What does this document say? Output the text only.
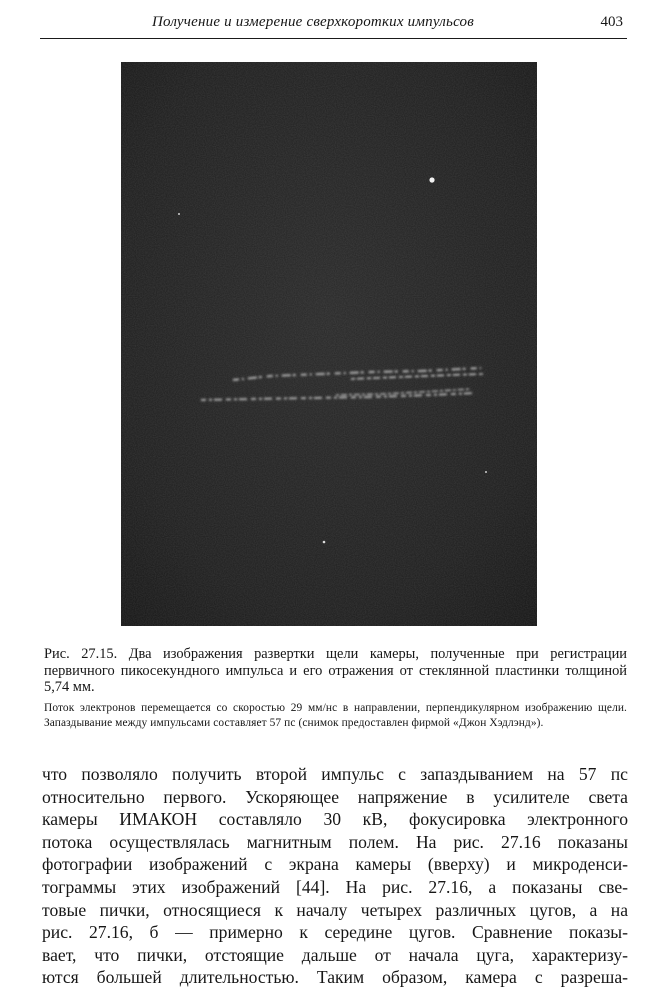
Получение и измерение сверхкоротких импульсов	403

Рис. 27.15. Два изображения развертки щели камеры, полученные при регистрации первичного пикосекундного импульса и его отражения от стеклянной пластинки толщиной 5,74 мм.

Поток электронов перемещается со скоростью 29 мм/нс в направлении, перпендикулярном изображению щели. Запаздывание между импульсами составляет 57 пс (снимок предоставлен фирмой «Джон Хэдлэнд»).

что позволяло получить второй импульс с запаздыванием на 57 пс
относительно первого. Ускоряющее напряжение в усилителе света
камеры ИМАКОН составляло 30 кВ, фокусировка электронного
потока осуществлялась магнитным полем. На рис. 27.16 показаны
фотографии изображений с экрана камеры (вверху) и микроденси-
тограммы этих изображений [44]. На рис. 27.16, а показаны све-
товые пички, относящиеся к началу четырех различных цугов, а на
рис. 27.16, б — примерно к середине цугов. Сравнение показы-
вает, что пички, отстоящие дальше от начала цуга, характеризу-
ются большей длительностью. Таким образом, камера с разреша-
